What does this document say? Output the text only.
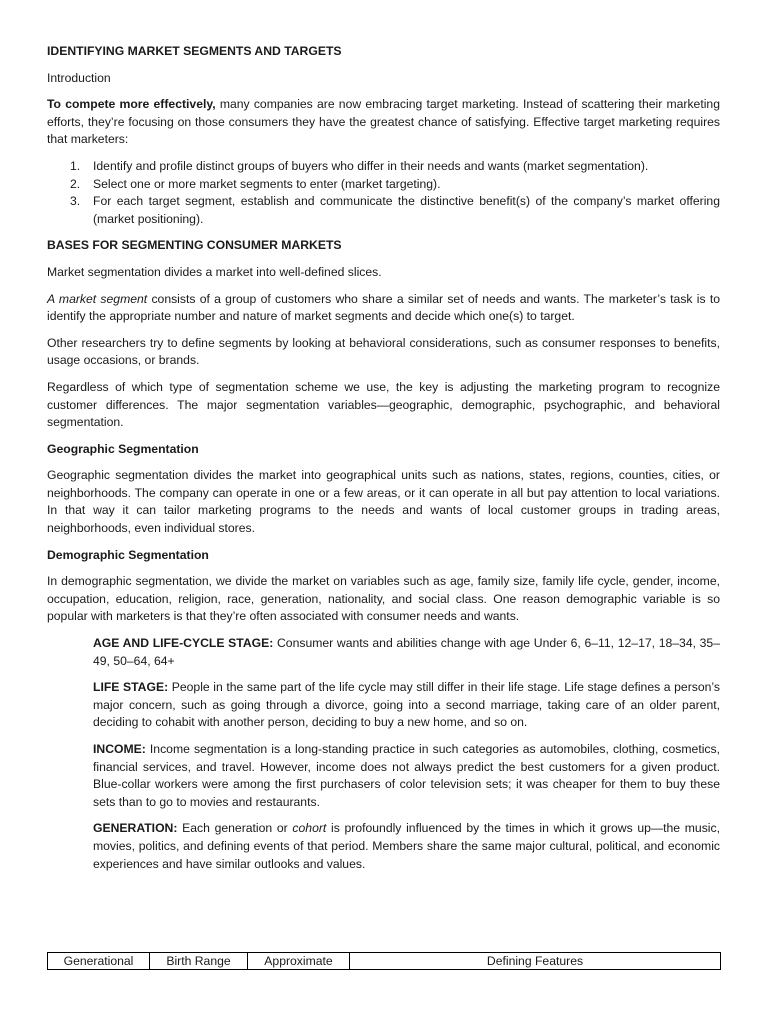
IDENTIFYING MARKET SEGMENTS AND TARGETS

Introduction

To compete more effectively, many companies are now embracing target marketing. Instead of scattering their marketing efforts, they’re focusing on those consumers they have the greatest chance of satisfying. Effective target marketing requires that marketers:

1. Identify and profile distinct groups of buyers who differ in their needs and wants (market segmentation).
2. Select one or more market segments to enter (market targeting).
3. For each target segment, establish and communicate the distinctive benefit(s) of the company’s market offering (market positioning).

BASES FOR SEGMENTING CONSUMER MARKETS

Market segmentation divides a market into well-defined slices.

A market segment consists of a group of customers who share a similar set of needs and wants. The marketer’s task is to identify the appropriate number and nature of market segments and decide which one(s) to target.

Other researchers try to define segments by looking at behavioral considerations, such as consumer responses to benefits, usage occasions, or brands.

Regardless of which type of segmentation scheme we use, the key is adjusting the marketing program to recognize customer differences. The major segmentation variables—geographic, demographic, psychographic, and behavioral segmentation.

Geographic Segmentation

Geographic segmentation divides the market into geographical units such as nations, states, regions, counties, cities, or neighborhoods. The company can operate in one or a few areas, or it can operate in all but pay attention to local variations. In that way it can tailor marketing programs to the needs and wants of local customer groups in trading areas, neighborhoods, even individual stores.

Demographic Segmentation

In demographic segmentation, we divide the market on variables such as age, family size, family life cycle, gender, income, occupation, education, religion, race, generation, nationality, and social class. One reason demographic variable is so popular with marketers is that they’re often associated with consumer needs and wants.

AGE AND LIFE-CYCLE STAGE: Consumer wants and abilities change with age Under 6, 6–11, 12–17, 18–34, 35–49, 50–64, 64+

LIFE STAGE: People in the same part of the life cycle may still differ in their life stage. Life stage defines a person’s major concern, such as going through a divorce, going into a second marriage, taking care of an older parent, deciding to cohabit with another person, deciding to buy a new home, and so on.

INCOME: Income segmentation is a long-standing practice in such categories as automobiles, clothing, cosmetics, financial services, and travel. However, income does not always predict the best customers for a given product. Blue-collar workers were among the first purchasers of color television sets; it was cheaper for them to buy these sets than to go to movies and restaurants.

GENERATION: Each generation or cohort is profoundly influenced by the times in which it grows up—the music, movies, politics, and defining events of that period. Members share the same major cultural, political, and economic experiences and have similar outlooks and values.

Generational	Birth Range	Approximate	Defining Features
